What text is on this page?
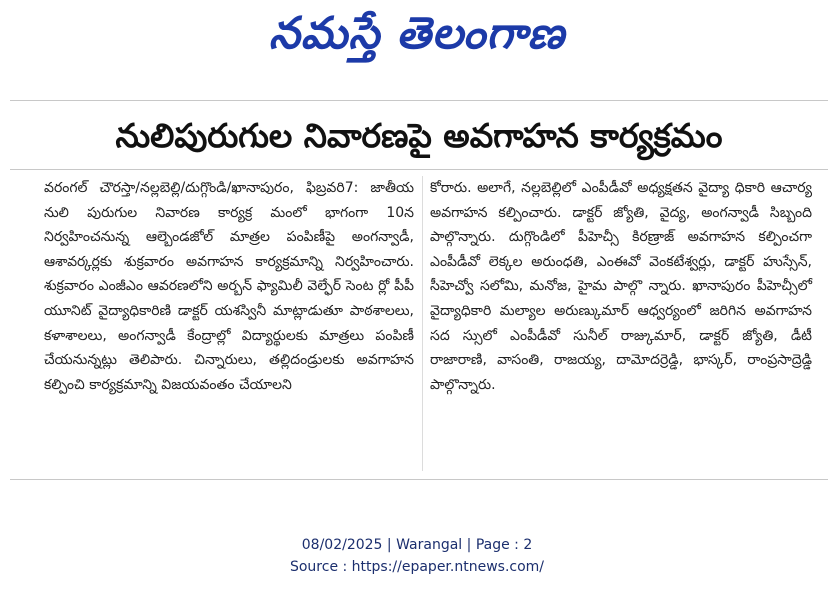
నమస్తే తెలంగాణ
నులిపురుగుల నివారణపై అవగాహన కార్యక్రమం
వరంగల్ చౌరస్తా/నల్లబెల్లి/దుగ్గొండి/ఖానాపురం, ఫిబ్రవరి7: జాతీయ నులి పురుగుల నివారణ కార్యక్ర మంలో భాగంగా 10న నిర్వహించనున్న ఆల్బెండజోల్ మాత్రల పంపిణీపై అంగన్వాడీ, ఆశావర్కర్లకు శుక్రవారం అవగాహన కార్యక్రమాన్ని నిర్వహించారు. శుక్రవారం ఎంజీఎం ఆవరణలోని అర్బన్ ఫ్యామిలీ వెల్ఫేర్ సెంట ర్లో పీపీ యూనిట్ వైద్యాధికారిణి డాక్టర్ యశస్వినీ మాట్లాడుతూ పాఠశాలలు, కళాశాలలు, అంగన్వాడీ కేంద్రాల్లో విద్యార్థులకు మాత్రలు పంపిణీ చేయనున్నట్లు తెలిపారు. చిన్నారులు, తల్లిదండ్రులకు అవగాహన కల్పించి కార్యక్రమాన్ని విజయవంతం చేయాలని
కోరారు. అలాగే, నల్లబెల్లిలో ఎంపీడీవో అధ్యక్షతన వైద్యా ధికారి ఆచార్య అవగాహన కల్పించారు. డాక్టర్ జ్యోతి, వైద్య, అంగన్వాడీ సిబ్బంది పాల్గొన్నారు. దుగ్గొండిలో పీహెచ్సీ కిరణ్రాజ్ అవగాహన కల్పించగా ఎంపీడీవో లెక్కల అరుంధతి, ఎంఈవో వెంకటేశ్వర్లు, డాక్టర్ హుస్సేన్, సీహెచ్వో సలోమి, మనోజ, హైమ పాల్గొ న్నారు. ఖానాపురం పీహెచ్సీలో వైద్యాధికారి మల్యాల అరుణ్కుమార్ ఆధ్వర్యంలో జరిగిన అవగాహన సద స్సులో ఎంపీడీవో సునీల్ రాజ్కుమార్, డాక్టర్ జ్యోతి, డీటీ రాజారాణి, వాసంతి, రాజయ్య, దామోదర్రెడ్డి, భాస్కర్, రాంప్రసాద్రెడ్డి పాల్గొన్నారు.
08/02/2025 | Warangal | Page : 2
Source : https://epaper.ntnews.com/
